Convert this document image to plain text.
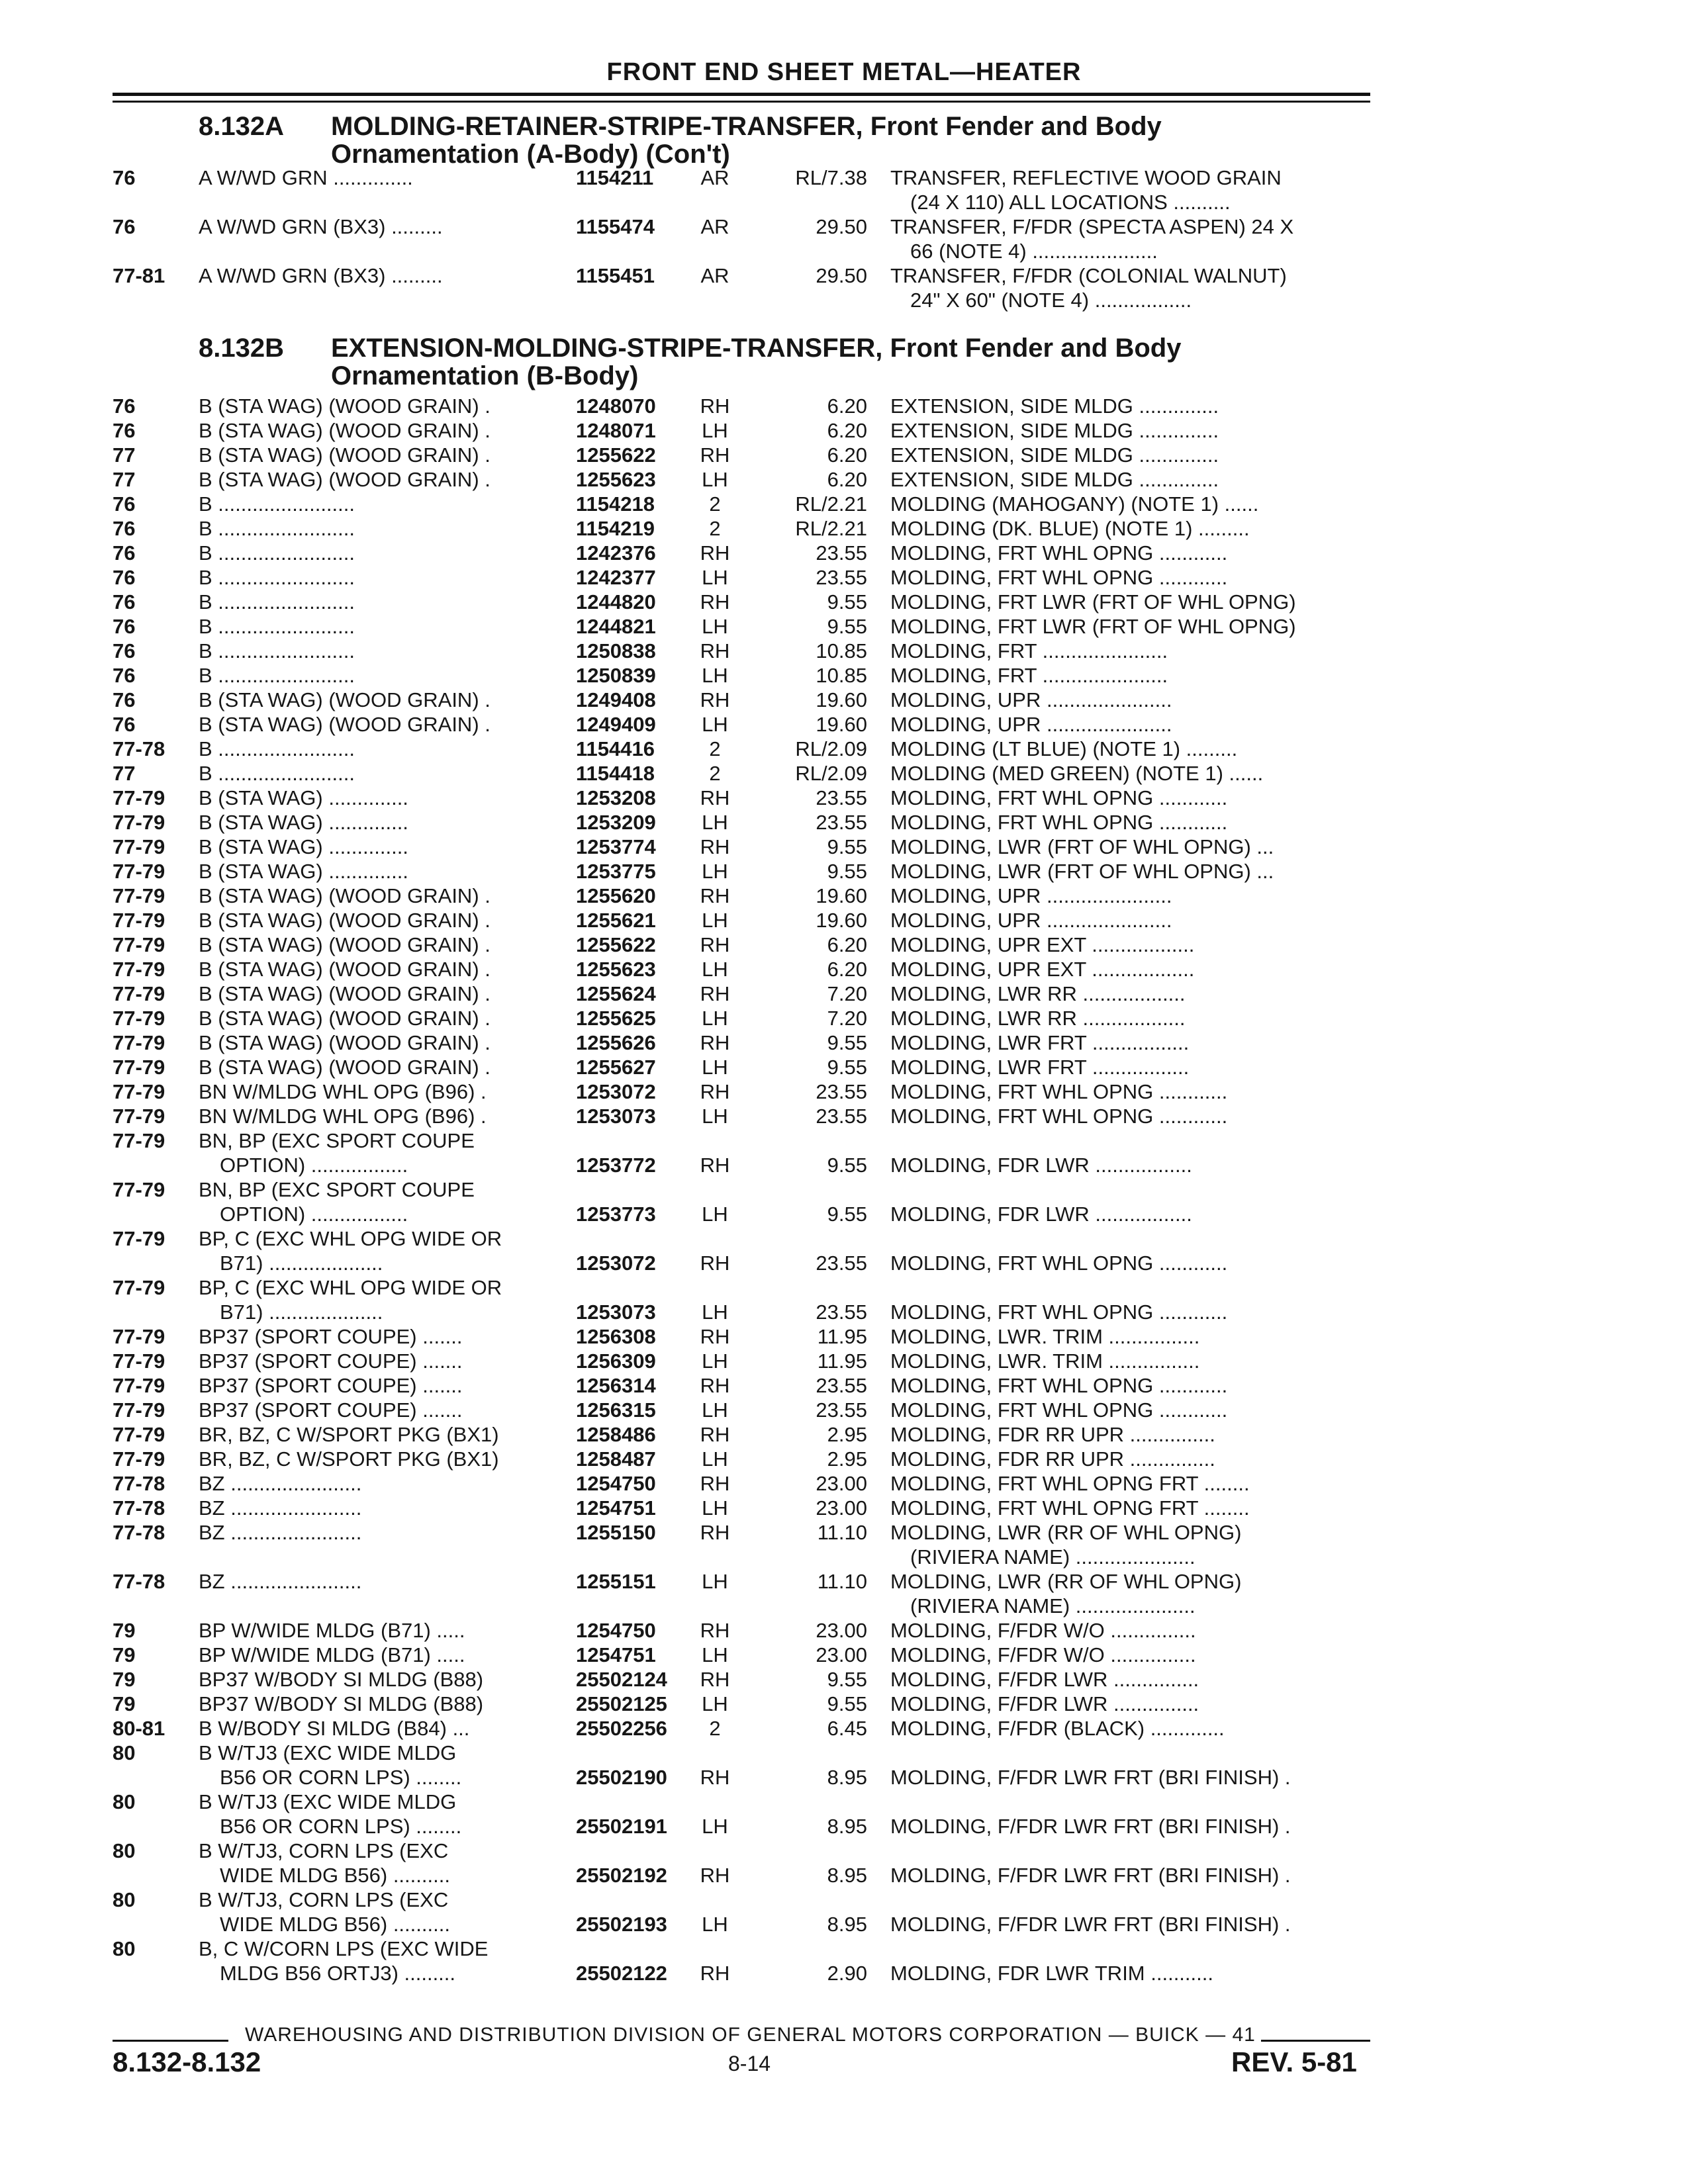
FRONT END SHEET METAL—HEATER
8.132A MOLDING-RETAINER-STRIPE-TRANSFER, Front Fender and Body
Ornamentation (A-Body) (Con't)
76	A W/WD GRN ..............	1154211 AR	RL/7.38 TRANSFER, REFLECTIVE WOOD GRAIN
(24 X 110) ALL LOCATIONS ..........
76	A W/WD GRN (BX3) .........	1155474 AR	29.50 TRANSFER, F/FDR (SPECTA ASPEN) 24 X
66 (NOTE 4) ......................
77-81 A W/WD GRN (BX3) .........	1155451 AR	29.50 TRANSFER, F/FDR (COLONIAL WALNUT)
24" X 60" (NOTE 4) .................
8.132B EXTENSION-MOLDING-STRIPE-TRANSFER, Front Fender and Body
Ornamentation (B-Body)
76	B (STA WAG) (WOOD GRAIN) .	1248070 RH	6.20 EXTENSION, SIDE MLDG ..............
76	B (STA WAG) (WOOD GRAIN) .	1248071	LH	6.20 EXTENSION, SIDE MLDG ..............
77	B (STA WAG) (WOOD GRAIN) .	1255622 RH	6.20 EXTENSION, SIDE MLDG ..............
77	B (STA WAG) (WOOD GRAIN) .	1255623	LH	6.20 EXTENSION, SIDE MLDG ..............
76	B ........................	1154218	2	RL/2.21 MOLDING (MAHOGANY) (NOTE 1) ......
76	B ........................	1154219	2	RL/2.21 MOLDING (DK. BLUE) (NOTE 1) .........
76	B ........................	1242376 RH	23.55 MOLDING, FRT WHL OPNG ............
76	B ........................	1242377	LH	23.55 MOLDING, FRT WHL OPNG ............
76	B ........................	1244820 RH	9.55 MOLDING, FRT LWR (FRT OF WHL OPNG)
76	B ........................	1244821	LH	9.55 MOLDING, FRT LWR (FRT OF WHL OPNG)
76	B ........................	1250838 RH	10.85 MOLDING, FRT ......................
76	B ........................	1250839	LH	10.85 MOLDING, FRT ......................
76	B (STA WAG) (WOOD GRAIN) .	1249408 RH	19.60 MOLDING, UPR ......................
76	B (STA WAG) (WOOD GRAIN) .	1249409	LH	19.60 MOLDING, UPR ......................
77-78 B ........................	1154416	2	RL/2.09 MOLDING (LT BLUE) (NOTE 1) .........
77	B ........................	1154418	2	RL/2.09 MOLDING (MED GREEN) (NOTE 1) ......
77-79 B (STA WAG) ..............	1253208 RH	23.55 MOLDING, FRT WHL OPNG ............
77-79 B (STA WAG) ..............	1253209	LH	23.55 MOLDING, FRT WHL OPNG ............
77-79 B (STA WAG) ..............	1253774 RH	9.55 MOLDING, LWR (FRT OF WHL OPNG) ...
77-79 B (STA WAG) ..............	1253775	LH	9.55 MOLDING, LWR (FRT OF WHL OPNG) ...
77-79 B (STA WAG) (WOOD GRAIN) .	1255620 RH	19.60 MOLDING, UPR ......................
77-79 B (STA WAG) (WOOD GRAIN) .	1255621	LH	19.60 MOLDING, UPR ......................
77-79 B (STA WAG) (WOOD GRAIN) .	1255622 RH	6.20 MOLDING, UPR EXT ..................
77-79 B (STA WAG) (WOOD GRAIN) .	1255623	LH	6.20 MOLDING, UPR EXT ..................
77-79 B (STA WAG) (WOOD GRAIN) .	1255624 RH	7.20 MOLDING, LWR RR ..................
77-79 B (STA WAG) (WOOD GRAIN) .	1255625	LH	7.20 MOLDING, LWR RR ..................
77-79 B (STA WAG) (WOOD GRAIN) .	1255626 RH	9.55 MOLDING, LWR FRT .................
77-79 B (STA WAG) (WOOD GRAIN) .	1255627	LH	9.55 MOLDING, LWR FRT .................
77-79 BN W/MLDG WHL OPG (B96) .	1253072 RH	23.55 MOLDING, FRT WHL OPNG ............
77-79 BN W/MLDG WHL OPG (B96) .	1253073	LH	23.55 MOLDING, FRT WHL OPNG ............
77-79 BN, BP (EXC SPORT COUPE
OPTION) .................	1253772 RH	9.55 MOLDING, FDR LWR .................
77-79 BN, BP (EXC SPORT COUPE
OPTION) .................	1253773	LH	9.55 MOLDING, FDR LWR .................
77-79 BP, C (EXC WHL OPG WIDE OR
B71) ....................	1253072 RH	23.55 MOLDING, FRT WHL OPNG ............
77-79 BP, C (EXC WHL OPG WIDE OR
B71) ....................	1253073	LH	23.55 MOLDING, FRT WHL OPNG ............
77-79 BP37 (SPORT COUPE) .......	1256308 RH	11.95 MOLDING, LWR. TRIM ................
77-79 BP37 (SPORT COUPE) .......	1256309	LH	11.95 MOLDING, LWR. TRIM ................
77-79 BP37 (SPORT COUPE) .......	1256314 RH	23.55 MOLDING, FRT WHL OPNG ............
77-79 BP37 (SPORT COUPE) .......	1256315	LH	23.55 MOLDING, FRT WHL OPNG ............
77-79 BR, BZ, C W/SPORT PKG (BX1)	1258486 RH	2.95 MOLDING, FDR RR UPR ...............
77-79 BR, BZ, C W/SPORT PKG (BX1)	1258487	LH	2.95 MOLDING, FDR RR UPR ...............
77-78 BZ .......................	1254750 RH	23.00 MOLDING, FRT WHL OPNG FRT ........
77-78 BZ .......................	1254751	LH	23.00 MOLDING, FRT WHL OPNG FRT ........
77-78 BZ .......................	1255150 RH	11.10 MOLDING, LWR (RR OF WHL OPNG)
(RIVIERA NAME) .....................
77-78 BZ .......................	1255151	LH	11.10 MOLDING, LWR (RR OF WHL OPNG)
(RIVIERA NAME) .....................
79	BP W/WIDE MLDG (B71) .....	1254750 RH	23.00 MOLDING, F/FDR W/O ...............
79	BP W/WIDE MLDG (B71) .....	1254751	LH	23.00 MOLDING, F/FDR W/O ...............
79	BP37 W/BODY SI MLDG (B88)	25502124 RH	9.55 MOLDING, F/FDR LWR ...............
79	BP37 W/BODY SI MLDG (B88)	25502125	LH	9.55 MOLDING, F/FDR LWR ...............
80-81 B W/BODY SI MLDG (B84) ...	25502256	2	6.45 MOLDING, F/FDR (BLACK) .............
80	B W/TJ3 (EXC WIDE MLDG
B56 OR CORN LPS) ........	25502190 RH	8.95 MOLDING, F/FDR LWR FRT (BRI FINISH) .
80	B W/TJ3 (EXC WIDE MLDG
B56 OR CORN LPS) ........	25502191	LH	8.95 MOLDING, F/FDR LWR FRT (BRI FINISH) .
80	B W/TJ3, CORN LPS (EXC
WIDE MLDG B56) ..........	25502192 RH	8.95 MOLDING, F/FDR LWR FRT (BRI FINISH) .
80	B W/TJ3, CORN LPS (EXC
WIDE MLDG B56) ..........	25502193	LH	8.95 MOLDING, F/FDR LWR FRT (BRI FINISH) .
80	B, C W/CORN LPS (EXC WIDE
MLDG B56 ORTJ3) .........	25502122 RH	2.90 MOLDING, FDR LWR TRIM ...........
WAREHOUSING AND DISTRIBUTION DIVISION OF GENERAL MOTORS CORPORATION — BUICK — 41
8.132-8.132	8-14	REV. 5-81
